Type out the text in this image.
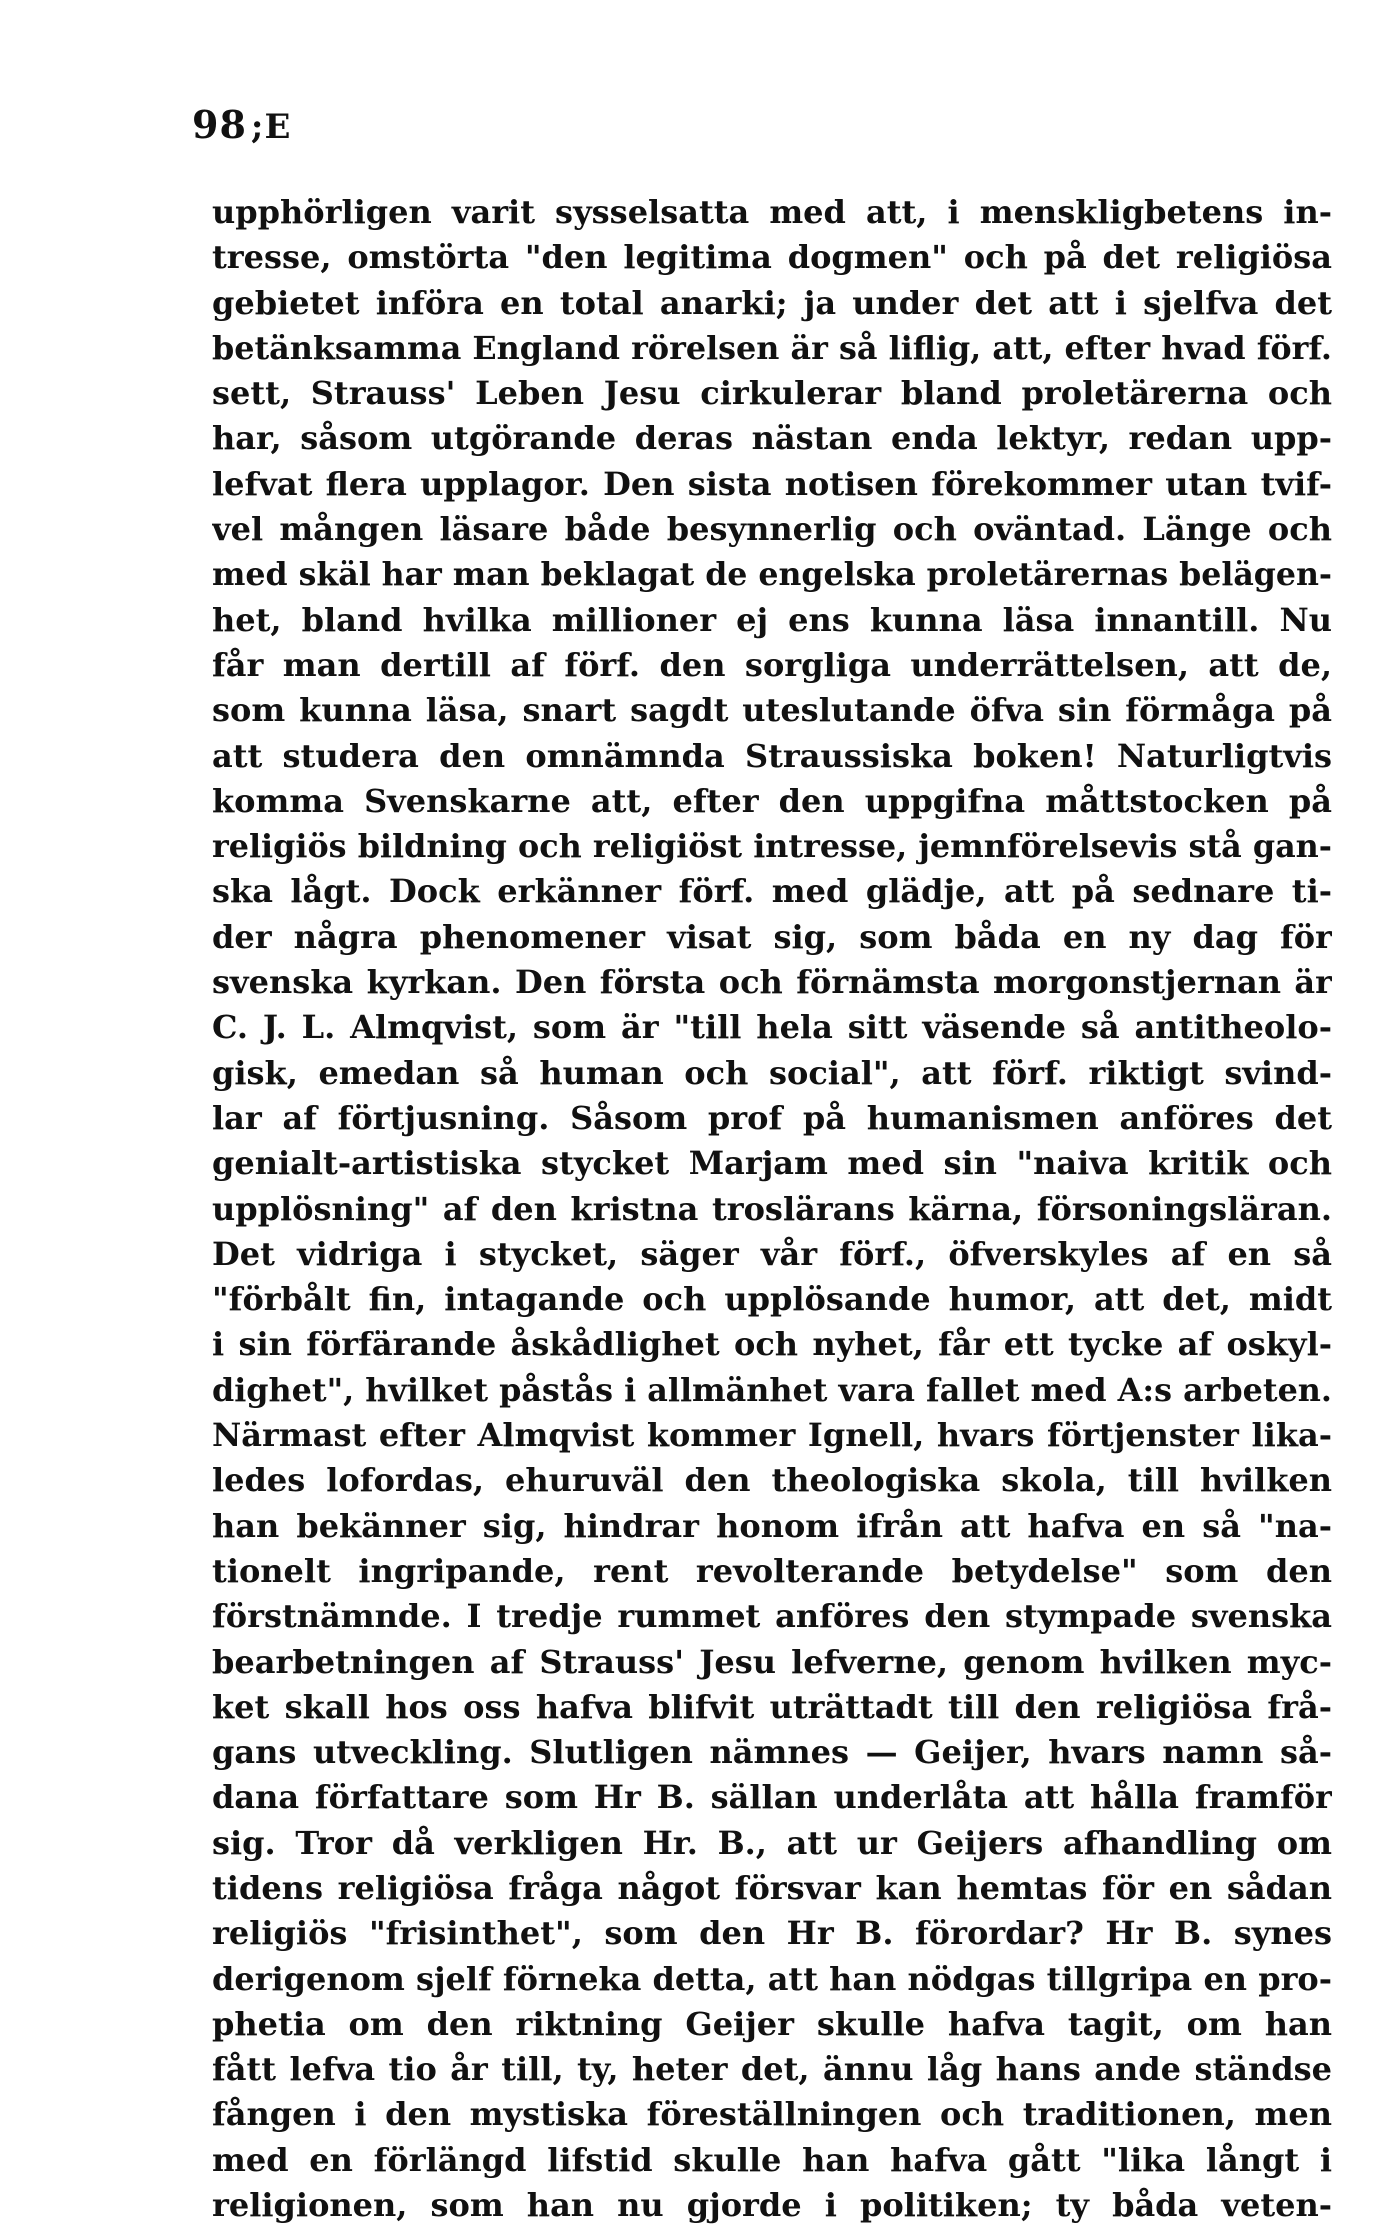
98 ;E
upphörligen varit sysselsatta med att, i menskligbetens in-
tresse, omstörta "den legitima dogmen" och på det religiösa
gebietet införa en total anarki; ja under det att i sjelfva det
betänksamma England rörelsen är så liflig, att, efter hvad förf.
sett, Strauss' Leben Jesu cirkulerar bland proletärerna och
har, såsom utgörande deras nästan enda lektyr, redan upp-
lefvat flera upplagor. Den sista notisen förekommer utan tvif-
vel mången läsare både besynnerlig och oväntad. Länge och
med skäl har man beklagat de engelska proletärernas belägen-
het, bland hvilka millioner ej ens kunna läsa innantill. Nu
får man dertill af förf. den sorgliga underrättelsen, att de,
som kunna läsa, snart sagdt uteslutande öfva sin förmåga på
att studera den omnämnda Straussiska boken! Naturligtvis
komma Svenskarne att, efter den uppgifna måttstocken på
religiös bildning och religiöst intresse, jemnförelsevis stå gan-
ska lågt. Dock erkänner förf. med glädje, att på sednare ti-
der några phenomener visat sig, som båda en ny dag för
svenska kyrkan. Den första och förnämsta morgonstjernan är
C. J. L. Almqvist, som är "till hela sitt väsende så antitheolo-
gisk, emedan så human och social", att förf. riktigt svind-
lar af förtjusning. Såsom prof på humanismen anföres det
genialt-artistiska stycket Marjam med sin "naiva kritik och
upplösning" af den kristna troslärans kärna, försoningsläran.
Det vidriga i stycket, säger vår förf., öfverskyles af en så
"förbålt fin, intagande och upplösande humor, att det, midt
i sin förfärande åskådlighet och nyhet, får ett tycke af oskyl-
dighet", hvilket påstås i allmänhet vara fallet med A:s arbeten.
Närmast efter Almqvist kommer Ignell, hvars förtjenster lika-
ledes lofordas, ehuruväl den theologiska skola, till hvilken
han bekänner sig, hindrar honom ifrån att hafva en så "na-
tionelt ingripande, rent revolterande betydelse" som den
förstnämnde. I tredje rummet anföres den stympade svenska
bearbetningen af Strauss' Jesu lefverne, genom hvilken myc-
ket skall hos oss hafva blifvit uträttadt till den religiösa frå-
gans utveckling. Slutligen nämnes — Geijer, hvars namn så-
dana författare som Hr B. sällan underlåta att hålla framför
sig. Tror då verkligen Hr. B., att ur Geijers afhandling om
tidens religiösa fråga något försvar kan hemtas för en sådan
religiös "frisinthet", som den Hr B. förordar? Hr B. synes
derigenom sjelf förneka detta, att han nödgas tillgripa en pro-
phetia om den riktning Geijer skulle hafva tagit, om han
fått lefva tio år till, ty, heter det, ännu låg hans ande ständse
fången i den mystiska föreställningen och traditionen, men
med en förlängd lifstid skulle han hafva gått "lika långt i
religionen, som han nu gjorde i politiken; ty båda veten-
